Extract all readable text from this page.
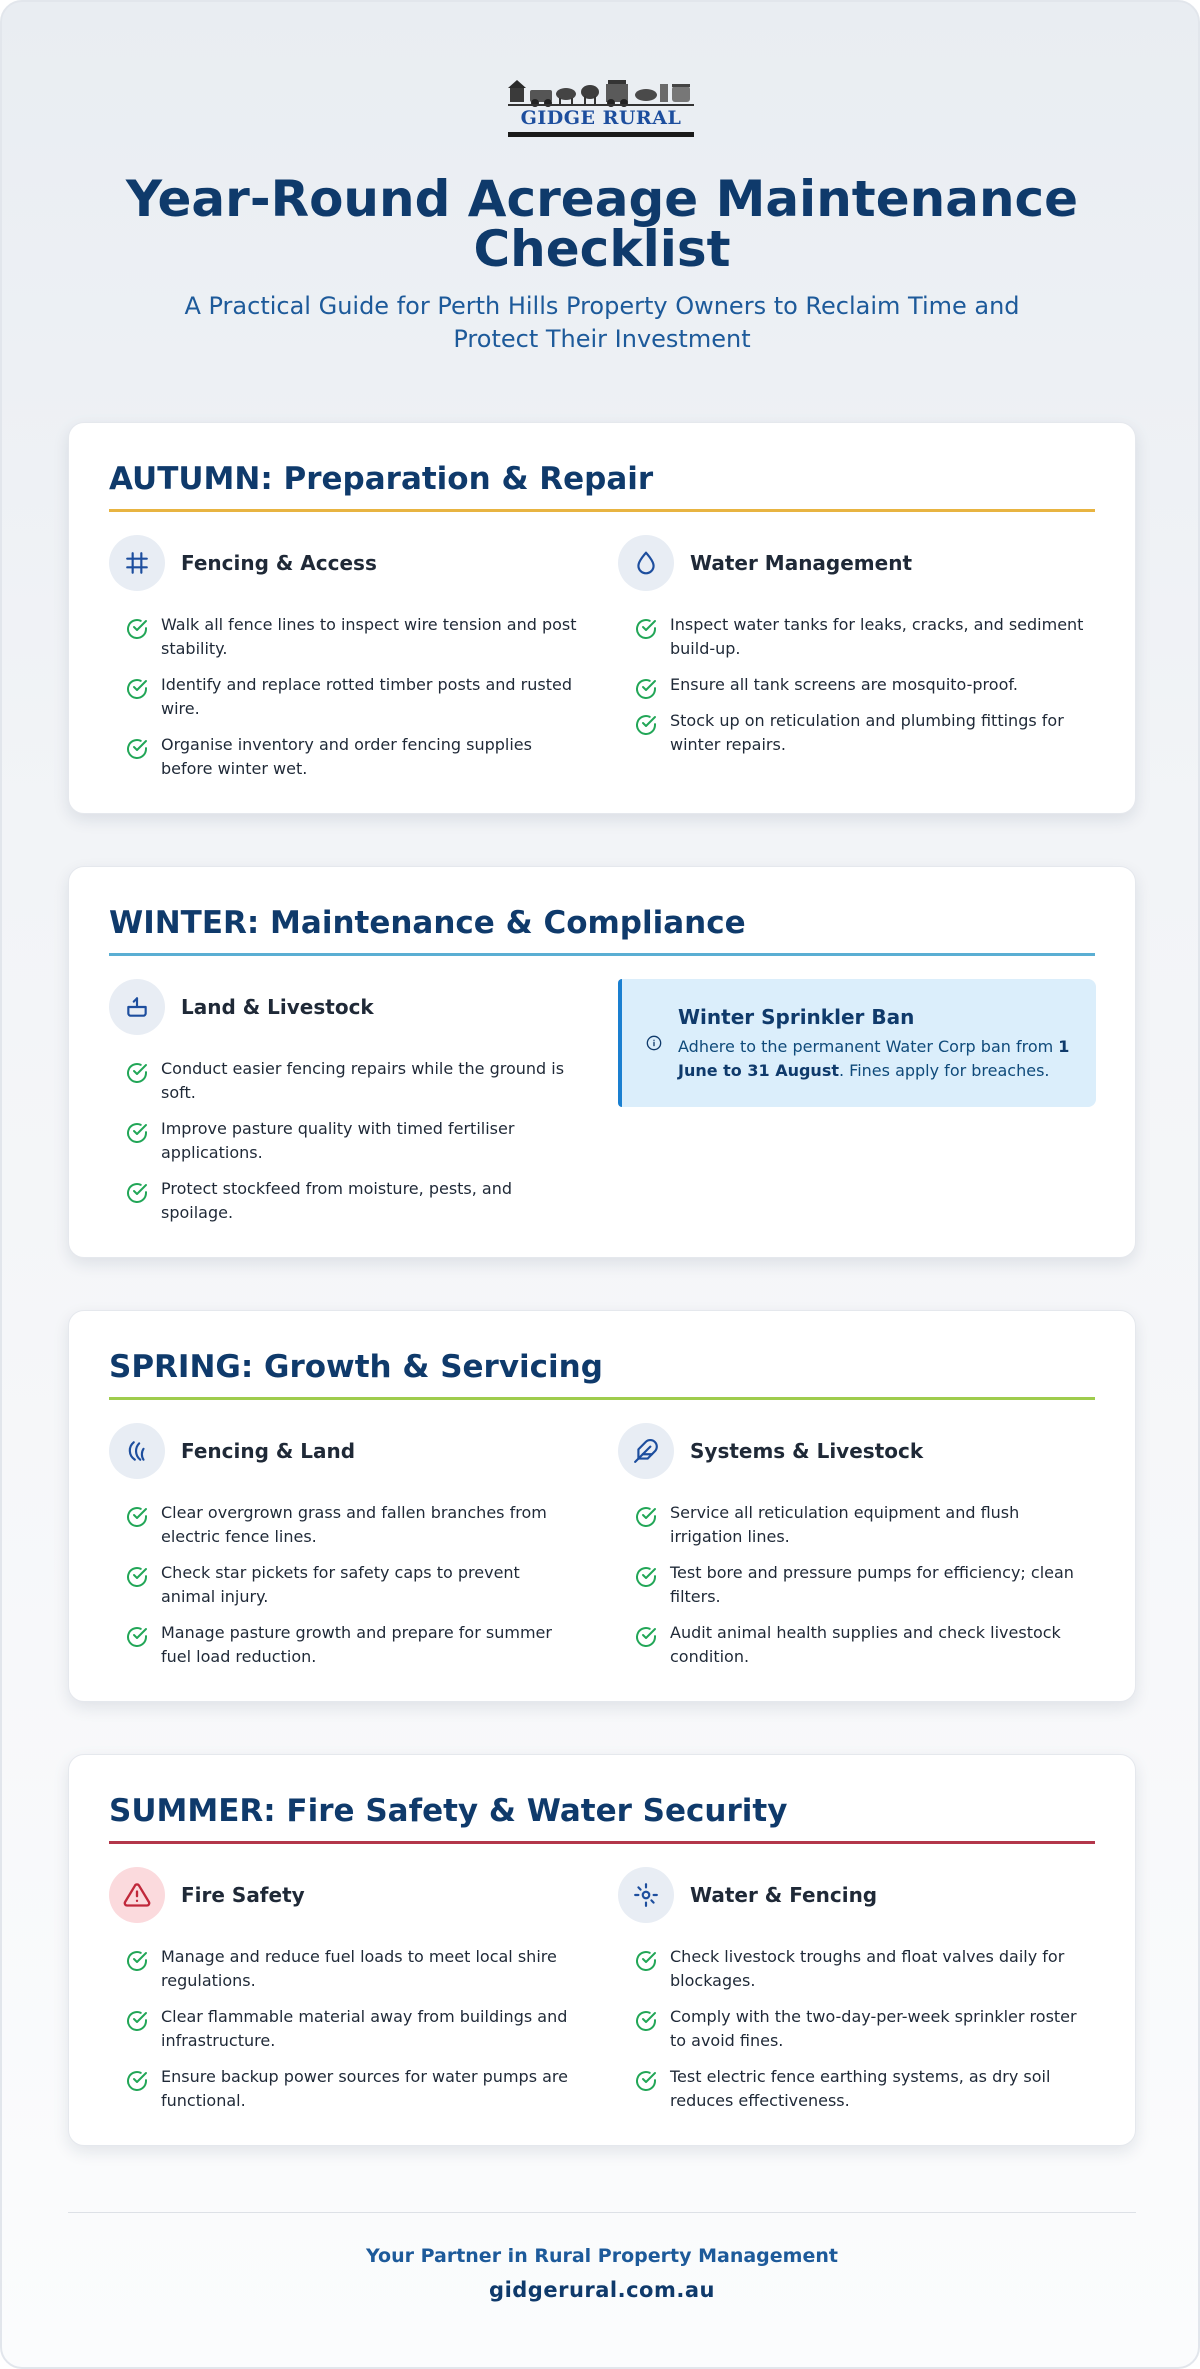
GIDGE RURAL
Year-Round Acreage Maintenance Checklist

A Practical Guide for Perth Hills Property Owners to Reclaim Time and Protect Their Investment

AUTUMN: Preparation & Repair
Fencing & Access
Walk all fence lines to inspect wire tension and post stability.
Identify and replace rotted timber posts and rusted wire.
Organise inventory and order fencing supplies before winter wet.
Water Management
Inspect water tanks for leaks, cracks, and sediment build-up.
Ensure all tank screens are mosquito-proof.
Stock up on reticulation and plumbing fittings for winter repairs.
WINTER: Maintenance & Compliance
Land & Livestock
Conduct easier fencing repairs while the ground is soft.
Improve pasture quality with timed fertiliser applications.
Protect stockfeed from moisture, pests, and spoilage.
Winter Sprinkler Ban
Adhere to the permanent Water Corp ban from 1 June to 31 August. Fines apply for breaches.
SPRING: Growth & Servicing
Fencing & Land
Clear overgrown grass and fallen branches from electric fence lines.
Check star pickets for safety caps to prevent animal injury.
Manage pasture growth and prepare for summer fuel load reduction.
Systems & Livestock
Service all reticulation equipment and flush irrigation lines.
Test bore and pressure pumps for efficiency; clean filters.
Audit animal health supplies and check livestock condition.
SUMMER: Fire Safety & Water Security
Fire Safety
Manage and reduce fuel loads to meet local shire regulations.
Clear flammable material away from buildings and infrastructure.
Ensure backup power sources for water pumps are functional.
Water & Fencing
Check livestock troughs and float valves daily for blockages.
Comply with the two-day-per-week sprinkler roster to avoid fines.
Test electric fence earthing systems, as dry soil reduces effectiveness.
Your Partner in Rural Property Management
gidgerural.com.au
